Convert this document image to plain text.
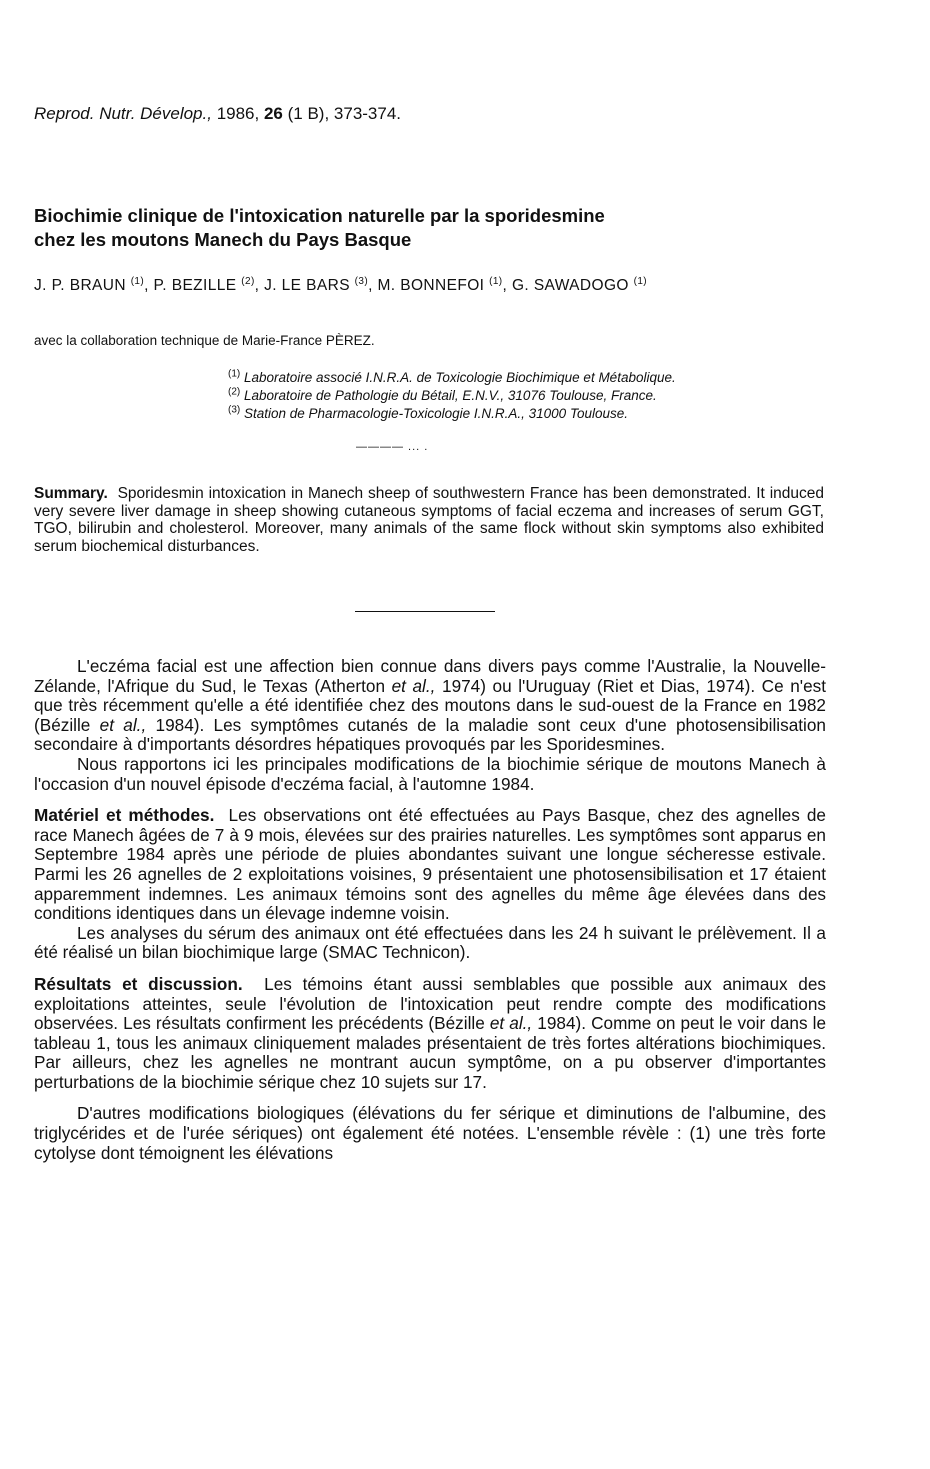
Reprod. Nutr. Dévelop., 1986, 26 (1 B), 373-374.
Biochimie clinique de l'intoxication naturelle par la sporidesmine
chez les moutons Manech du Pays Basque
J. P. BRAUN $^{(1)}$, P. BEZILLE $^{(2)}$, J. LE BARS $^{(3)}$, M. BONNEFOI $^{(1)}$, G. SAWADOGO $^{(1)}$
avec la collaboration technique de Marie-France PÈREZ.
$^{(1)}$ Laboratoire associé I.N.R.A. de Toxicologie Biochimique et Métabolique.
$^{(2)}$ Laboratoire de Pathologie du Bétail, E.N.V., 31076 Toulouse, France.
$^{(3)}$ Station de Pharmacologie-Toxicologie I.N.R.A., 31000 Toulouse.
———— ... .
Summary. Sporidesmin intoxication in Manech sheep of southwestern France has been demonstrated. It induced very severe liver damage in sheep showing cutaneous symptoms of facial eczema and increases of serum GGT, TGO, bilirubin and cholesterol. Moreover, many animals of the same flock without skin symptoms also exhibited serum biochemical disturbances.

L'eczéma facial est une affection bien connue dans divers pays comme l'Australie, la Nouvelle-Zélande, l'Afrique du Sud, le Texas (Atherton et al., 1974) ou l'Uruguay (Riet et Dias, 1974). Ce n'est que très récemment qu'elle a été identifiée chez des moutons dans le sud-ouest de la France en 1982 (Bézille et al., 1984). Les symptômes cutanés de la maladie sont ceux d'une photosensibilisation secondaire à d'importants désordres hépatiques provoqués par les Sporidesmines.

Nous rapportons ici les principales modifications de la biochimie sérique de moutons Manech à l'occasion d'un nouvel épisode d'eczéma facial, à l'automne 1984.

Matériel et méthodes. Les observations ont été effectuées au Pays Basque, chez des agnelles de race Manech âgées de 7 à 9 mois, élevées sur des prairies naturelles. Les symptômes sont apparus en Septembre 1984 après une période de pluies abondantes suivant une longue sécheresse estivale. Parmi les 26 agnelles de 2 exploitations voisines, 9 présentaient une photosensibilisation et 17 étaient apparemment indemnes. Les animaux témoins sont des agnelles du même âge élevées dans des conditions identiques dans un élevage indemne voisin.

Les analyses du sérum des animaux ont été effectuées dans les 24 h suivant le prélèvement. Il a été réalisé un bilan biochimique large (SMAC Technicon).

Résultats et discussion. Les témoins étant aussi semblables que possible aux animaux des exploitations atteintes, seule l'évolution de l'intoxication peut rendre compte des modifications observées. Les résultats confirment les précédents (Bézille et al., 1984). Comme on peut le voir dans le tableau 1, tous les animaux cliniquement malades présentaient de très fortes altérations biochimiques. Par ailleurs, chez les agnelles ne montrant aucun symptôme, on a pu observer d'importantes perturbations de la biochimie sérique chez 10 sujets sur 17.

D'autres modifications biologiques (élévations du fer sérique et diminutions de l'albumine, des triglycérides et de l'urée sériques) ont également été notées. L'ensemble révèle : (1) une très forte cytolyse dont témoignent les élévations
